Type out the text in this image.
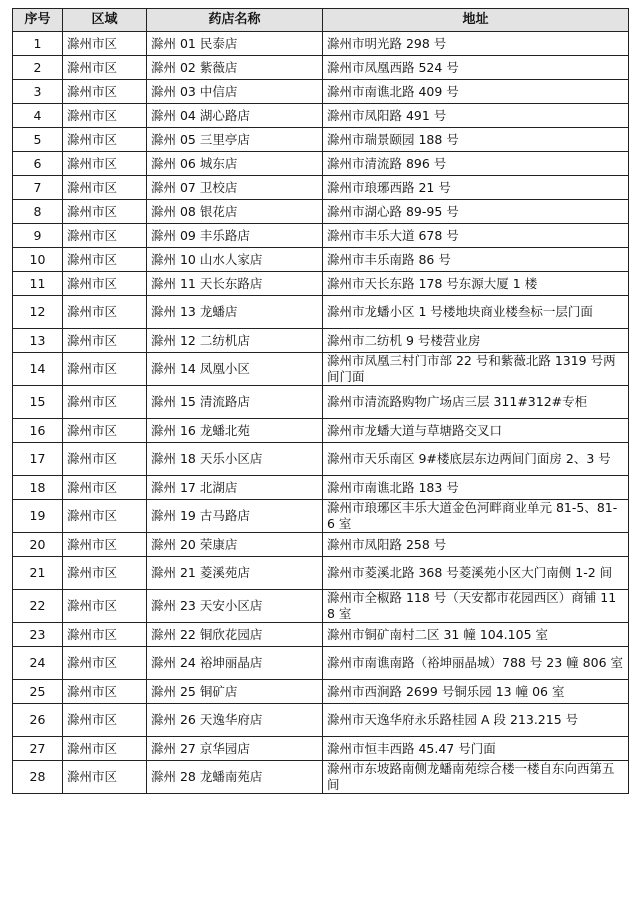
序号	区域	药店名称	地址
1	滁州市区	滁州 01 民泰店	滁州市明光路 298 号
2	滁州市区	滁州 02 紫薇店	滁州市凤凰西路 524 号
3	滁州市区	滁州 03 中信店	滁州市南谯北路 409 号
4	滁州市区	滁州 04 湖心路店	滁州市凤阳路 491 号
5	滁州市区	滁州 05 三里亭店	滁州市瑞景颐园 188 号
6	滁州市区	滁州 06 城东店	滁州市清流路 896 号
7	滁州市区	滁州 07 卫校店	滁州市琅琊西路 21 号
8	滁州市区	滁州 08 银花店	滁州市湖心路 89-95 号
9	滁州市区	滁州 09 丰乐路店	滁州市丰乐大道 678 号
10	滁州市区	滁州 10 山水人家店	滁州市丰乐南路 86 号
11	滁州市区	滁州 11 天长东路店	滁州市天长东路 178 号东源大厦 1 楼
12	滁州市区	滁州 13 龙蟠店	滁州市龙蟠小区 1 号楼地块商业楼叁标一层门面
13	滁州市区	滁州 12 二纺机店	滁州市二纺机 9 号楼营业房
14	滁州市区	滁州 14 凤凰小区	滁州市凤凰三村门市部 22 号和紫薇北路 1319 号两间门面
15	滁州市区	滁州 15 清流路店	滁州市清流路购物广场店三层 311#312#专柜
16	滁州市区	滁州 16 龙蟠北苑	滁州市龙蟠大道与草塘路交叉口
17	滁州市区	滁州 18 天乐小区店	滁州市天乐南区 9#楼底层东边两间门面房 2、3 号
18	滁州市区	滁州 17 北湖店	滁州市南谯北路 183 号
19	滁州市区	滁州 19 古马路店	滁州市琅琊区丰乐大道金色河畔商业单元 81-5、81-6 室
20	滁州市区	滁州 20 荣康店	滁州市凤阳路 258 号
21	滁州市区	滁州 21 菱溪苑店	滁州市菱溪北路 368 号菱溪苑小区大门南侧 1-2 间
22	滁州市区	滁州 23 天安小区店	滁州市全椒路 118 号（天安都市花园西区）商铺 118 室
23	滁州市区	滁州 22 铜欣花园店	滁州市铜矿南村二区 31 幢 104.105 室
24	滁州市区	滁州 24 裕坤丽晶店	滁州市南谯南路（裕坤丽晶城）788 号 23 幢 806 室
25	滁州市区	滁州 25 铜矿店	滁州市西涧路 2699 号铜乐园 13 幢 06 室
26	滁州市区	滁州 26 天逸华府店	滁州市天逸华府永乐路桂园 A 段 213.215 号
27	滁州市区	滁州 27 京华园店	滁州市恒丰西路 45.47 号门面
28	滁州市区	滁州 28 龙蟠南苑店	滁州市东坡路南侧龙蟠南苑综合楼一楼自东向西第五间
